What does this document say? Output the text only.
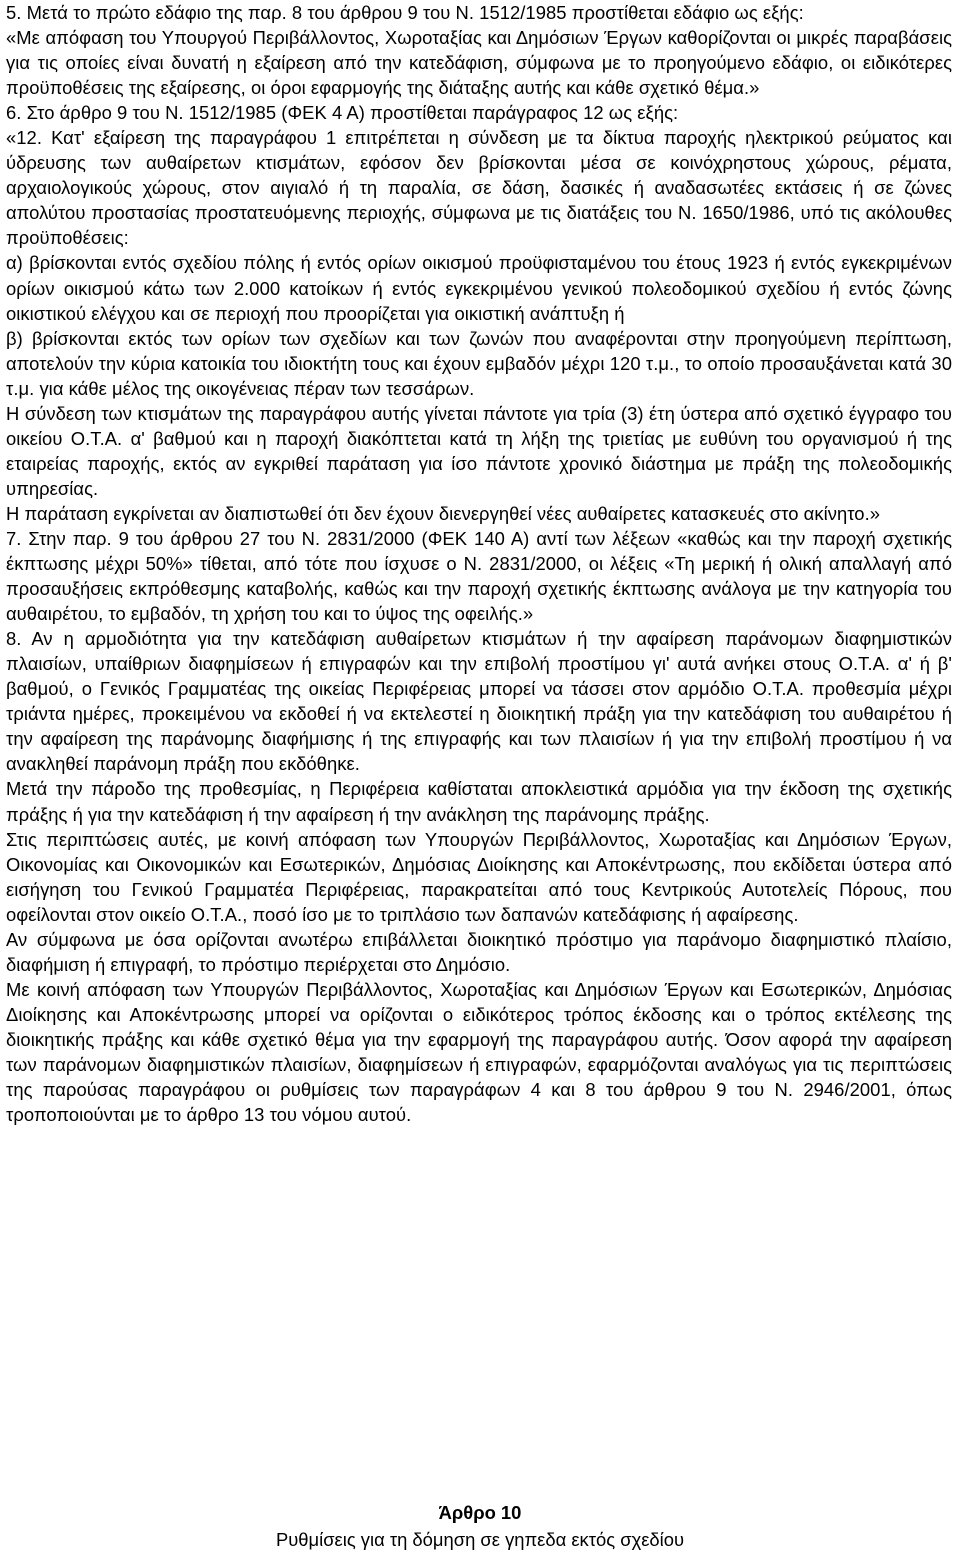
5. Μετά το πρώτο εδάφιο της παρ. 8 του άρθρου 9 του Ν. 1512/1985 προστίθεται εδάφιο ως εξής:

«Με απόφαση του Υπουργού Περιβάλλοντος, Χωροταξίας και Δημόσιων Έργων καθορίζονται οι μικρές παραβάσεις για τις οποίες είναι δυνατή η εξαίρεση από την κατεδάφιση, σύμφωνα με το προηγούμενο εδάφιο, οι ειδικότερες προϋποθέσεις της εξαίρεσης, οι όροι εφαρμογής της διάταξης αυτής και κάθε σχετικό θέμα.»

6. Στο άρθρο 9 του Ν. 1512/1985 (ΦΕΚ 4 Α) προστίθεται παράγραφος 12 ως εξής:

«12. Κατ' εξαίρεση της παραγράφου 1 επιτρέπεται η σύνδεση με τα δίκτυα παροχής ηλεκτρικού ρεύματος και ύδρευσης των αυθαίρετων κτισμάτων, εφόσον δεν βρίσκονται μέσα σε κοινόχρηστους χώρους, ρέματα, αρχαιολογικούς χώρους, στον αιγιαλό ή τη παραλία, σε δάση, δασικές ή αναδασωτέες εκτάσεις ή σε ζώνες απολύτου προστασίας προστατευόμενης περιοχής, σύμφωνα με τις διατάξεις του Ν. 1650/1986, υπό τις ακόλουθες προϋποθέσεις:

α) βρίσκονται εντός σχεδίου πόλης ή εντός ορίων οικισμού προϋφισταμένου του έτους 1923 ή εντός εγκεκριμένων ορίων οικισμού κάτω των 2.000 κατοίκων ή εντός εγκεκριμένου γενικού πολεοδομικού σχεδίου ή εντός ζώνης οικιστικού ελέγχου και σε περιοχή που προορίζεται για οικιστική ανάπτυξη ή

β) βρίσκονται εκτός των ορίων των σχεδίων και των ζωνών που αναφέρονται στην προηγούμενη περίπτωση, αποτελούν την κύρια κατοικία του ιδιοκτήτη τους και έχουν εμβαδόν μέχρι 120 τ.μ., το οποίο προσαυξάνεται κατά 30 τ.μ. για κάθε μέλος της οικογένειας πέραν των τεσσάρων.

Η σύνδεση των κτισμάτων της παραγράφου αυτής γίνεται πάντοτε για τρία (3) έτη ύστερα από σχετικό έγγραφο του οικείου Ο.Τ.Α. α' βαθμού και η παροχή διακόπτεται κατά τη λήξη της τριετίας με ευθύνη του οργανισμού ή της εταιρείας παροχής, εκτός αν εγκριθεί παράταση για ίσο πάντοτε χρονικό διάστημα με πράξη της πολεοδομικής υπηρεσίας.

Η παράταση εγκρίνεται αν διαπιστωθεί ότι δεν έχουν διενεργηθεί νέες αυθαίρετες κατασκευές στο ακίνητο.»

7. Στην παρ. 9 του άρθρου 27 του Ν. 2831/2000 (ΦΕΚ 140 Α) αντί των λέξεων «καθώς και την παροχή σχετικής έκπτωσης μέχρι 50%» τίθεται, από τότε που ίσχυσε ο Ν. 2831/2000, οι λέξεις «Τη μερική ή ολική απαλλαγή από προσαυξήσεις εκπρόθεσμης καταβολής, καθώς και την παροχή σχετικής έκπτωσης ανάλογα με την κατηγορία του αυθαιρέτου, το εμβαδόν, τη χρήση του και το ύψος της οφειλής.»

8. Αν η αρμοδιότητα για την κατεδάφιση αυθαίρετων κτισμάτων ή την αφαίρεση παράνομων διαφημιστικών πλαισίων, υπαίθριων διαφημίσεων ή επιγραφών και την επιβολή προστίμου γι' αυτά ανήκει στους Ο.Τ.Α. α' ή β' βαθμού, ο Γενικός Γραμματέας της οικείας Περιφέρειας μπορεί να τάσσει στον αρμόδιο Ο.Τ.Α. προθεσμία μέχρι τριάντα ημέρες, προκειμένου να εκδοθεί ή να εκτελεστεί η διοικητική πράξη για την κατεδάφιση του αυθαιρέτου ή την αφαίρεση της παράνομης διαφήμισης ή της επιγραφής και των πλαισίων ή για την επιβολή προστίμου ή να ανακληθεί παράνομη πράξη που εκδόθηκε.

Μετά την πάροδο της προθεσμίας, η Περιφέρεια καθίσταται αποκλειστικά αρμόδια για την έκδοση της σχετικής πράξης ή για την κατεδάφιση ή την αφαίρεση ή την ανάκληση της παράνομης πράξης.

Στις περιπτώσεις αυτές, με κοινή απόφαση των Υπουργών Περιβάλλοντος, Χωροταξίας και Δημόσιων Έργων, Οικονομίας και Οικονομικών και Εσωτερικών, Δημόσιας Διοίκησης και Αποκέντρωσης, που εκδίδεται ύστερα από εισήγηση του Γενικού Γραμματέα Περιφέρειας, παρακρατείται από τους Κεντρικούς Αυτοτελείς Πόρους, που οφείλονται στον οικείο Ο.Τ.Α., ποσό ίσο με το τριπλάσιο των δαπανών κατεδάφισης ή αφαίρεσης.

Αν σύμφωνα με όσα ορίζονται ανωτέρω επιβάλλεται διοικητικό πρόστιμο για παράνομο διαφημιστικό πλαίσιο, διαφήμιση ή επιγραφή, το πρόστιμο περιέρχεται στο Δημόσιο.

Με κοινή απόφαση των Υπουργών Περιβάλλοντος, Χωροταξίας και Δημόσιων Έργων και Εσωτερικών, Δημόσιας Διοίκησης και Αποκέντρωσης μπορεί να ορίζονται ο ειδικότερος τρόπος έκδοσης και ο τρόπος εκτέλεσης της διοικητικής πράξης και κάθε σχετικό θέμα για την εφαρμογή της παραγράφου αυτής. Όσον αφορά την αφαίρεση των παράνομων διαφημιστικών πλαισίων, διαφημίσεων ή επιγραφών, εφαρμόζονται αναλόγως για τις περιπτώσεις της παρούσας παραγράφου οι ρυθμίσεις των παραγράφων 4 και 8 του άρθρου 9 του Ν. 2946/2001, όπως τροποποιούνται με το άρθρο 13 του νόμου αυτού.

Άρθρο 10
Ρυθμίσεις για τη δόμηση σε γηπεδα εκτός σχεδίου
